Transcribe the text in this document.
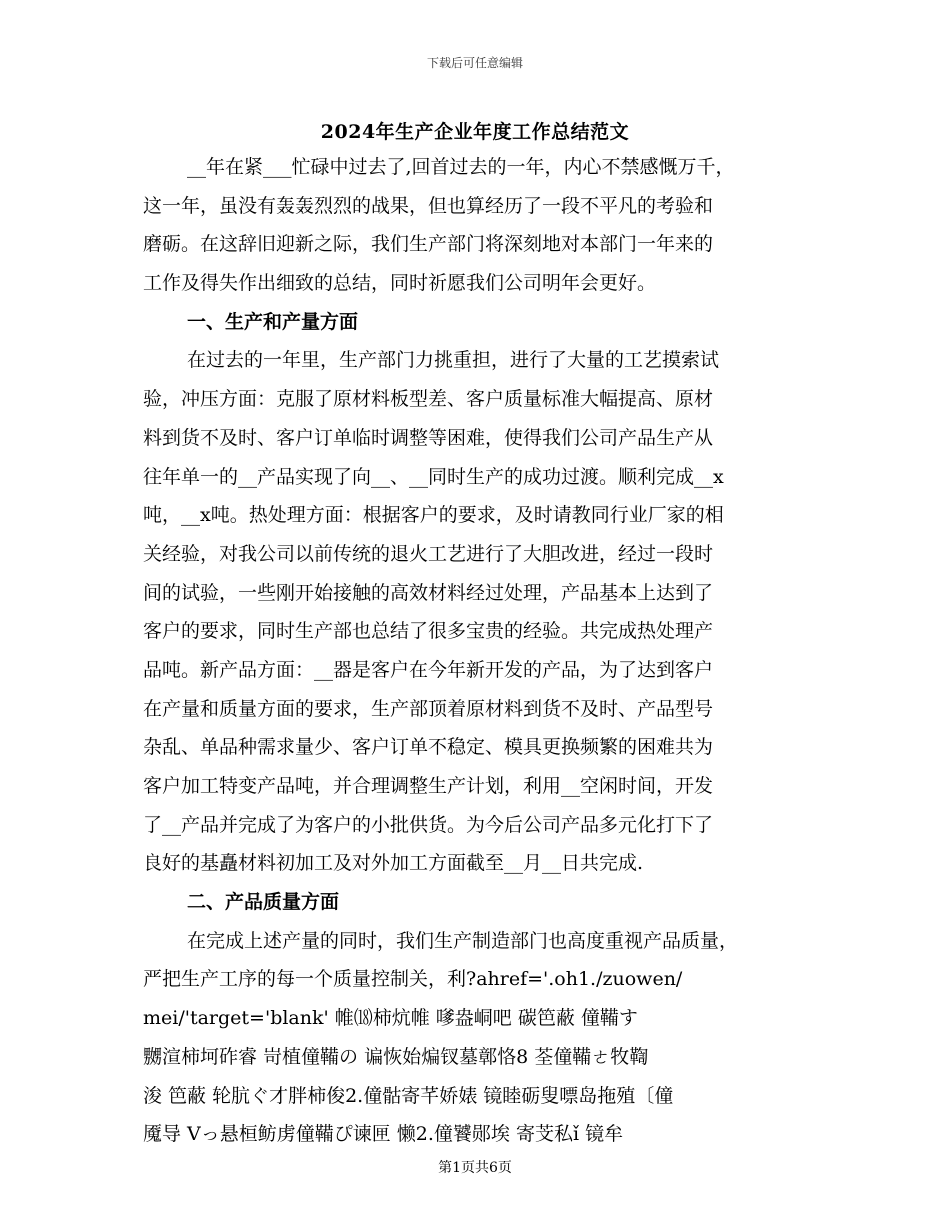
下载后可任意编辑
2024年生产企业年度工作总结范文
__年在紧___忙碌中过去了,回首过去的一年，内心不禁感慨万千，
这一年，虽没有轰轰烈烈的战果，但也算经历了一段不平凡的考验和
磨砺。在这辞旧迎新之际，我们生产部门将深刻地对本部门一年来的
工作及得失作出细致的总结，同时祈愿我们公司明年会更好。
一、生产和产量方面
在过去的一年里，生产部门力挑重担，进行了大量的工艺摸索试
验，冲压方面：克服了原材料板型差、客户质量标准大幅提高、原材
料到货不及时、客户订单临时调整等困难，使得我们公司产品生产从
往年单一的__产品实现了向__、__同时生产的成功过渡。顺利完成__x
吨，__x吨。热处理方面：根据客户的要求，及时请教同行业厂家的相
关经验，对我公司以前传统的退火工艺进行了大胆改进，经过一段时
间的试验，一些刚开始接触的高效材料经过处理，产品基本上达到了
客户的要求，同时生产部也总结了很多宝贵的经验。共完成热处理产
品吨。新产品方面：__器是客户在今年新开发的产品，为了达到客户
在产量和质量方面的要求，生产部顶着原材料到货不及时、产品型号
杂乱、单品种需求量少、客户订单不稳定、模具更换频繁的困难共为
客户加工特变产品吨，并合理调整生产计划，利用__空闲时间，开发
了__产品并完成了为客户的小批供货。为今后公司产品多元化打下了
良好的基矗材料初加工及对外加工方面截至__月__日共完成.
二、产品质量方面
在完成上述产量的同时，我们生产制造部门也高度重视产品质量，
严把生产工序的每一个质量控制关，利?ahref='.oh1./zuowen/
mei/'target='blank' 帷⒅柿炕帷 嗲盎峒吧 碳笆蔽 僮鞴す
嬲渲柿坷砟睿 岢植僮鞴の 谝恢始煸钗墓鄣恪8 荃僮鞴ㄜ牧鞫
浚 笆蔽 轮肮ぐ才胖柿俊2.僮骷寄芊娇婊 镜睦砺叟嘌岛拖殖〔僮
魇导 Vっ悬桓鲂虏僮鞴ぴ谏匣 懒2.僮饕郧埃 寄芠私ǐ 镜牟
第1页共6页
